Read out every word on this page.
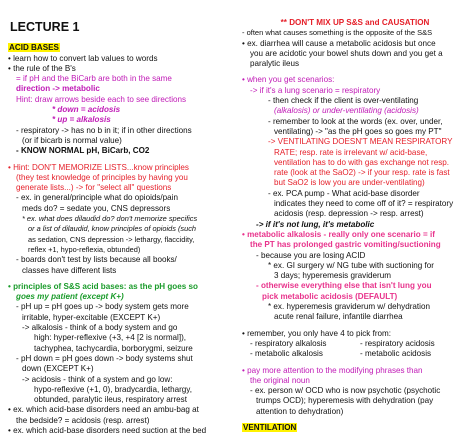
LECTURE 1
ACID BASES
• learn how to convert lab values to words
• the rule of the B's
= if pH and the BiCarb are both in the same
direction -> metabolic
Hint: draw arrows beside each to see directions
* down = acidosis
* up = alkalosis
- respiratory -> has no b in it; if in other directions
(or if bicarb is normal value)
- KNOW NORMAL pH, BiCarb, CO2
• Hint: DON'T MEMORIZE LISTS...know principles
(they test knowledge of principles by having you
generate lists...) -> for "select all" questions
- ex. in general/principle what do opioids/pain
meds do? = sedate you, CNS depressors
* ex. what does dilaudid do? don't memorize specifics
or a list of dilaudid, know principles of opioids (such
as sedation, CNS depression -> lethargy, flaccidity,
reflex +1, hypo-reflexia, obtunded)
- boards don't test by lists because all books/
classes have different lists
• principles of S&S acid bases: as the pH goes so
goes my patient (except K+)
- pH up = pH goes up -> body system gets more
irritable, hyper-excitable (EXCEPT K+)
-> alkalosis - think of a body system and go
high: hyper-reflexive (+3, +4 [2 is normal]),
tachyphea, tachycardia, borborygmi, seizure
- pH down = pH goes down -> body systems shut
down (EXCEPT K+)
-> acidosis - think of a system and go low:
hypo-reflexive (+1, 0), bradycardia, lethargy,
obtunded, paralytic ileus, respiratory arrest
• ex. which acid-base disorders need an ambu-bag at
the bedside? = acidosis (resp. arrest)
• ex. which acid-base disorders need suction at the bed
** DON'T MIX UP S&S and CAUSATION
- often what causes something is the opposite of the S&S
• ex. diarrhea will cause a metabolic acidosis but once
you are acidotic your bowel shuts down and you get a
paralytic ileus
• when you get scenarios:
-> if it's a lung scenario = respiratory
- then check if the client is over-ventilating
(alkalosis) or under-ventilating (acidosis)
- remember to look at the words (ex. over, under,
ventilating) -> "as the pH goes so goes my PT"
-> VENTILATING DOESN'T MEAN RESPIRATORY
RATE; resp. rate is irrelevant w/ acid-base,
ventilation has to do with gas exchange not resp.
rate (look at the SaO2) -> if your resp. rate is fast
but SaO2 is low you are under-ventilating)
- ex. PCA pump - What acid-base disorder
indicates they need to come off of it? = respiratory
acidosis (resp. depression -> resp. arrest)
-> if it's not lung, it's metabolic
• metabolic alkalosis - really only one scenario = if
the PT has prolonged gastric vomiting/suctioning
- because you are losing ACID
* ex. GI surgery w/ NG tube with suctioning for
3 days; hyperemesis graviderum
- otherwise everything else that isn't lung you
pick metabolic acidosis (DEFAULT)
* ex. hyperemesis graviderum w/ dehydration
acute renal failure, infantile diarrhea
• remember, you only have 4 to pick from:
- respiratory alkalosis	- respiratory acidosis
- metabolic alkalosis	- metabolic acidosis
• pay more attention to the modifying phrases than
the original noun
- ex. person w/ OCD who is now psychotic (psychotic
trumps OCD); hyperemesis with dehydration (pay
attention to dehydration)
VENTILATION
